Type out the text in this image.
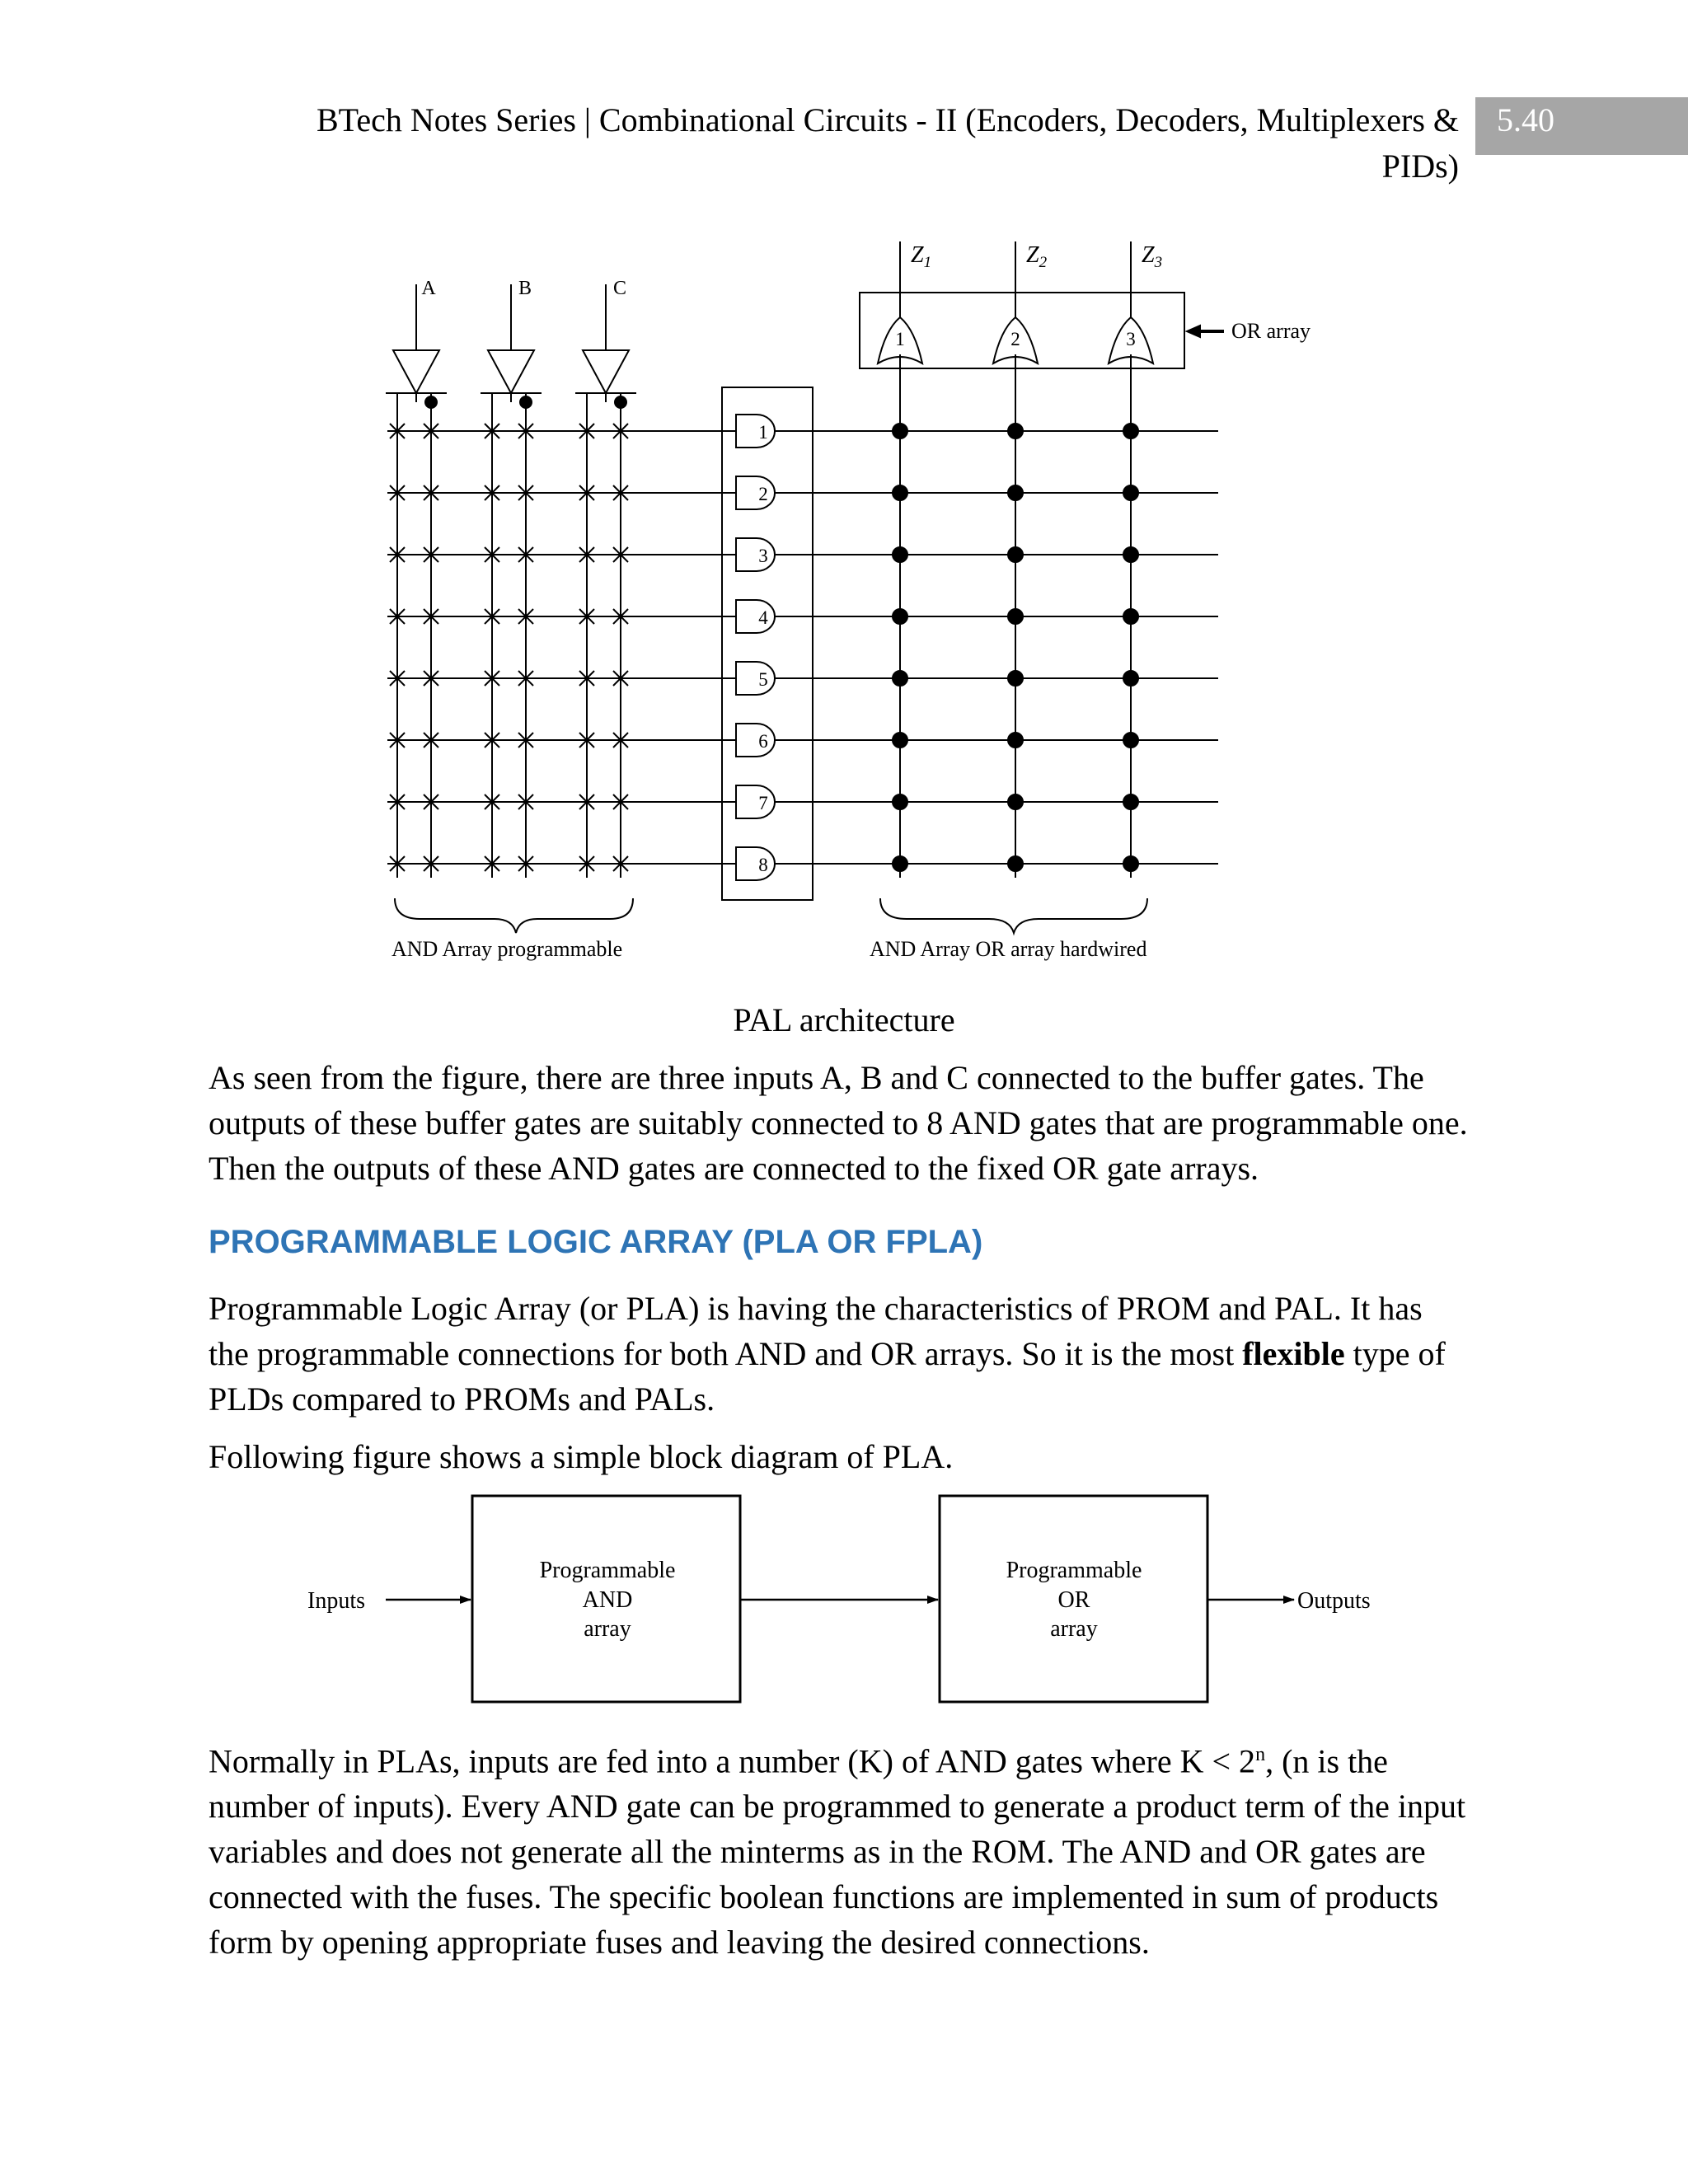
BTech Notes Series | Combinational Circuits - II (Encoders, Decoders, Multiplexers &
PIDs)
5.40
1
2
3
4
5
6
7
8
1	2	3
A	B	C
$Z_1$	$Z_2$	$Z_3$
OR array
AND Array programmable	AND Array OR array hardwired
PAL architecture
As seen from the figure, there are three inputs A, B and C connected to the buffer gates. The
outputs of these buffer gates are suitably connected to 8 AND gates that are programmable one.
Then the outputs of these AND gates are connected to the fixed OR gate arrays.
PROGRAMMABLE LOGIC ARRAY (PLA OR FPLA)
Programmable Logic Array (or PLA) is having the characteristics of PROM and PAL. It has
the programmable connections for both AND and OR arrays. So it is the most flexible type of
PLDs compared to PROMs and PALs.
Following figure shows a simple block diagram of PLA.
Inputs	Outputs
Programmable
AND
array
Programmable
OR
array
Normally in PLAs, inputs are fed into a number (K) of AND gates where $K < 2^n$, (n is the
number of inputs). Every AND gate can be programmed to generate a product term of the input
variables and does not generate all the minterms as in the ROM. The AND and OR gates are
connected with the fuses. The specific boolean functions are implemented in sum of products
form by opening appropriate fuses and leaving the desired connections.
